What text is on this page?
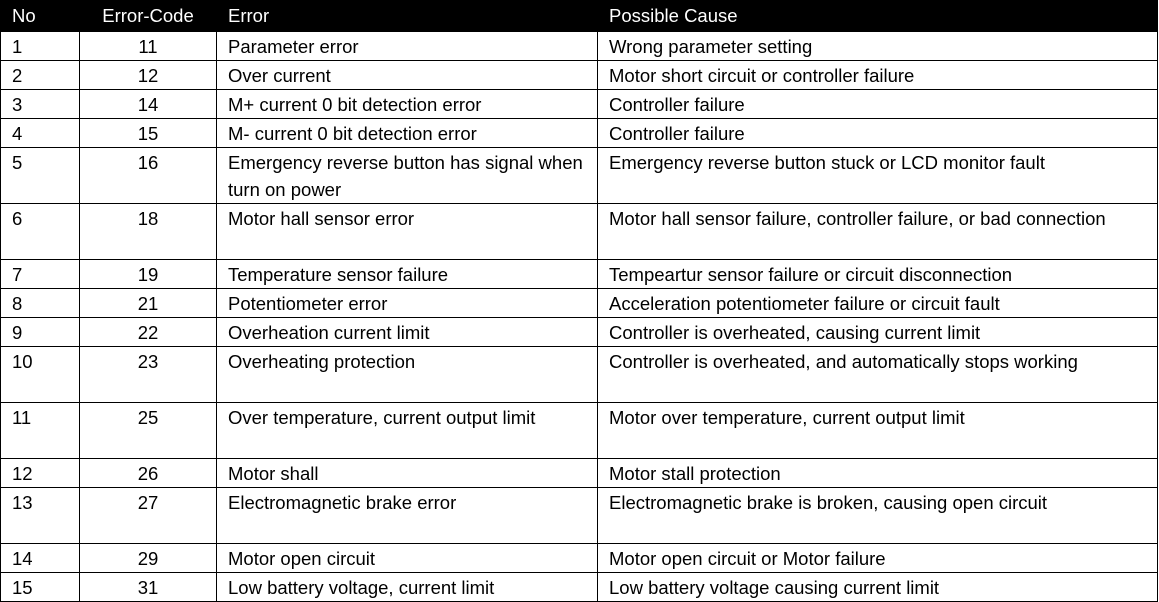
No	Error-Code	Error	Possible Cause
1	11	Parameter error	Wrong parameter setting
2	12	Over current	Motor short circuit or controller failure
3	14	M+ current 0 bit detection error	Controller failure
4	15	M- current 0 bit detection error	Controller failure
5	16	Emergency reverse button has signal when turn on power	Emergency reverse button stuck or LCD monitor fault
6	18	Motor hall sensor error	Motor hall sensor failure, controller failure, or bad connection
7	19	Temperature sensor failure	Tempeartur sensor failure or circuit disconnection
8	21	Potentiometer error	Acceleration potentiometer failure or circuit fault
9	22	Overheation current limit	Controller is overheated, causing current limit
10	23	Overheating protection	Controller is overheated, and automatically stops working
11	25	Over temperature, current output limit	Motor over temperature, current output limit
12	26	Motor shall	Motor stall protection
13	27	Electromagnetic brake error	Electromagnetic brake is broken, causing open circuit
14	29	Motor open circuit	Motor open circuit or Motor failure
15	31	Low battery voltage, current limit	Low battery voltage causing current limit
